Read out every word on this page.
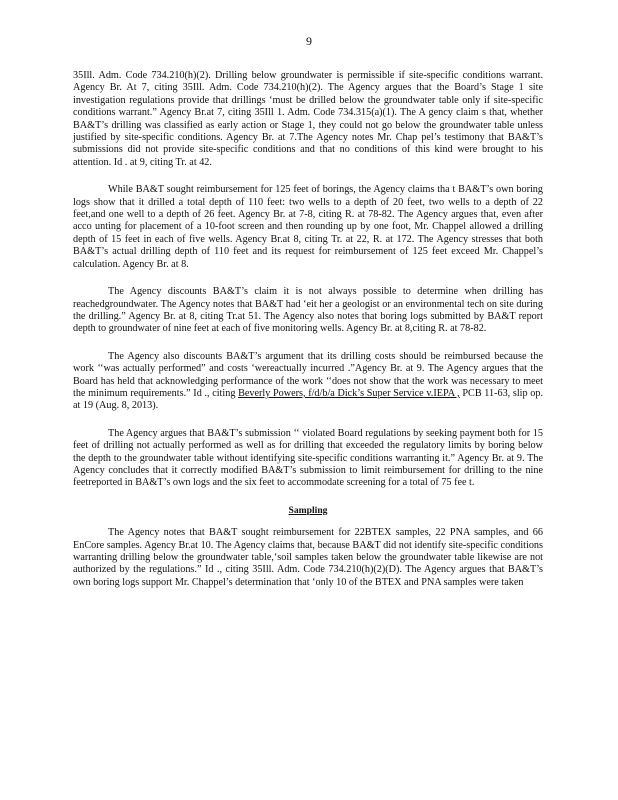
9

35Ill. Adm. Code 734.210(h)(2). Drilling below groundwater is permissible if site-specific conditions warrant. Agency Br. At 7, citing 35Ill. Adm. Code 734.210(h)(2). The Agency argues that the Board’s Stage 1 site investigation regulations provide that drillings ‘must be drilled below the groundwater table only if site-specific conditions warrant.” Agency Br.at 7, citing 35Ill 1. Adm. Code 734.315(a)(1). The A gency claim s that, whether BA&T’s drilling was classified as early action or Stage 1, they could not go below the groundwater table unless justified by site-specific conditions. Agency Br. at 7.The Agency notes Mr. Chap pel’s testimony that BA&T’s submissions did not provide site-specific conditions and that no conditions of this kind were brought to his attention. Id . at 9, citing Tr. at 42.

While BA&T sought reimbursement for 125 feet of borings, the Agency claims tha t BA&T’s own boring logs show that it drilled a total depth of 110 feet: two wells to a depth of 20 feet, two wells to a depth of 22 feet,and one well to a depth of 26 feet. Agency Br. at 7-8, citing R. at 78-82. The Agency argues that, even after acco unting for placement of a 10-foot screen and then rounding up by one foot, Mr. Chappel allowed a drilling depth of 15 feet in each of five wells. Agency Br.at 8, citing Tr. at 22, R. at 172. The Agency stresses that both BA&T’s actual drilling depth of 110 feet and its request for reimbursement of 125 feet exceed Mr. Chappel’s calculation. Agency Br. at 8.

The Agency discounts BA&T’s claim it is not always possible to determine when drilling has reachedgroundwater. The Agency notes that BA&T had ‘eit her a geologist or an environmental tech on site during the drilling.” Agency Br. at 8, citing Tr.at 51. The Agency also notes that boring logs submitted by BA&T report depth to groundwater of nine feet at each of five monitoring wells. Agency Br. at 8,citing R. at 78-82.

The Agency also discounts BA&T’s argument that its drilling costs should be reimbursed because the work ‘‘was actually performed” and costs ‘wereactually incurred .”Agency Br. at 9. The Agency argues that the Board has held that acknowledging performance of the work ‘‘does not show that the work was necessary to meet the minimum requirements.” Id ., citing Beverly Powers, f/d/b/a Dick’s Super Service v.IEPA , PCB 11-63, slip op. at 19 (Aug. 8, 2013).

The Agency argues that BA&T’s submission ‘‘ violated Board regulations by seeking payment both for 15 feet of drilling not actually performed as well as for drilling that exceeded the regulatory limits by boring below the depth to the groundwater table without identifying site-specific conditions warranting it.” Agency Br. at 9. The Agency concludes that it correctly modified BA&T’s submission to limit reimbursement for drilling to the nine feetreported in BA&T’s own logs and the six feet to accommodate screening for a total of 75 fee t.

Sampling

The Agency notes that BA&T sought reimbursement for 22BTEX samples, 22 PNA samples, and 66 EnCore samples. Agency Br.at 10. The Agency claims that, because BA&T did not identify site-specific conditions warranting drilling below the groundwater table,‘soil samples taken below the groundwater table likewise are not authorized by the regulations.” Id ., citing 35Ill. Adm. Code 734.210(h)(2)(D). The Agency argues that BA&T’s own boring logs support Mr. Chappel’s determination that ‘only 10 of the BTEX and PNA samples were taken
